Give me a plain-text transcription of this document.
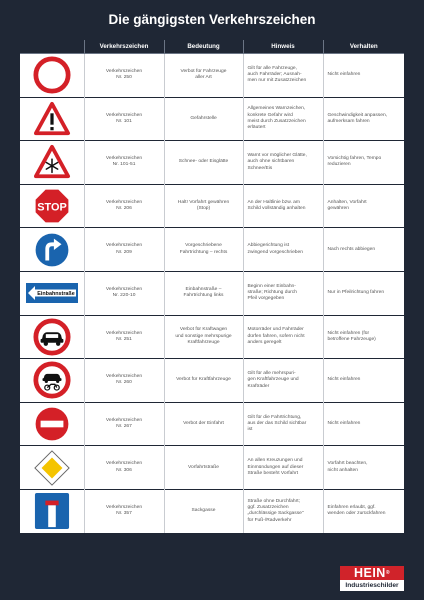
Die gängigsten Verkehrszeichen
	Verkehrszeichen	Bedeutung	Hinweis	Verhalten

	Verkehrszeichen
Nr. 250	Verbot für Fahrzeuge
aller Art	Gilt für alle Fahrzeuge,
auch Fahrräder; Ausnah-
men nur mit Zusatzzeichen	Nicht einfahren

	Verkehrszeichen
Nr. 101	Gefahrstelle	Allgemeines Warnzeichen,
konkrete Gefahr wird
meist durch Zusatzzeichen
erläutert	Geschwindigkeit anpassen,
aufmerksam fahren

	Verkehrszeichen
Nr. 101-51	Schnee- oder Eisglätte	Warnt vor möglicher Glätte,
auch ohne sichtbaren
Schnee/Eis	Vorsichtig fahren, Tempo
reduzieren

STOP	Verkehrszeichen
Nr. 206	Halt! Vorfahrt gewähren
(Stop)	An der Haltlinie bzw. am
Schild vollständig anhalten	Anhalten, Vorfahrt
gewähren

	Verkehrszeichen
Nr. 209	Vorgeschriebene
Fahrtrichtung – rechts	Abbiegerichtung ist
zwingend vorgeschrieben	Nach rechts abbiegen

Einbahnstraße	Verkehrszeichen
Nr. 220-10	Einbahnstraße –
Fahrtrichtung links	Beginn einer Einbahn-
straße; Richtung durch
Pfeil vorgegeben	Nur in Pfeilrichtung fahren

	Verkehrszeichen
Nr. 251	Verbot für Kraftwagen
und sonstige mehrspurige
Kraftfahrzeuge	Motorräder und Fahrräder
dürfen fahren, sofern nicht
anders geregelt	Nicht einfahren (für
betroffene Fahrzeuge)

	Verkehrszeichen
Nr. 260	Verbot für Kraftfahrzeuge	Gilt für alle mehrspuri-
gen Kraftfahrzeuge und
Krafträder	Nicht einfahren

	Verkehrszeichen
Nr. 267	Verbot der Einfahrt	Gilt für die Fahrtrichtung,
aus der das Schild sichtbar
ist	Nicht einfahren

	Verkehrszeichen
Nr. 306	Vorfahrtstraße	An allen Kreuzungen und
Einmündungen auf dieser
Straße besteht Vorfahrt	Vorfahrt beachten,
nicht anhalten

	Verkehrszeichen
Nr. 357	Sackgasse	Straße ohne Durchfahrt;
ggf. Zusatzzeichen
„durchlässige Sackgasse"
für Fuß-/Radverkehr	Einfahren erlaubt, ggf.
wenden oder zurückfahren
HEIN®
Industrieschilder
